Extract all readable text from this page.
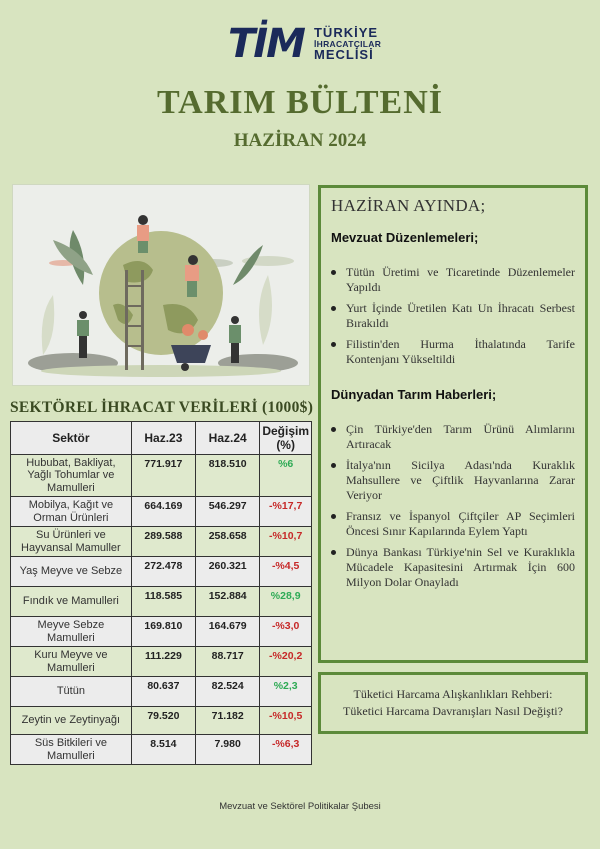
TİM TÜRKİYE
İHRACATÇILAR
MECLİSİ
TARIM BÜLTENİ
HAZİRAN 2024
SEKTÖREL İHRACAT VERİLERİ (1000$)
Sektör	Haz.23	Haz.24	Değişim (%)
Hububat, Bakliyat, Yağlı Tohumlar ve Mamulleri	771.917	818.510	%6
Mobilya, Kağıt ve Orman Ürünleri	664.169	546.297	-%17,7
Su Ürünleri ve Hayvansal Mamuller	289.588	258.658	-%10,7
Yaş Meyve ve Sebze	272.478	260.321	-%4,5
Fındık ve Mamulleri	118.585	152.884	%28,9
Meyve Sebze Mamulleri	169.810	164.679	-%3,0
Kuru Meyve ve Mamulleri	111.229	88.717	-%20,2
Tütün	80.637	82.524	%2,3
Zeytin ve Zeytinyağı	79.520	71.182	-%10,5
Süs Bitkileri ve Mamulleri	8.514	7.980	-%6,3
HAZİRAN AYINDA;
Mevzuat Düzenlemeleri;
Tütün Üretimi ve Ticaretinde Düzenlemeler Yapıldı
Yurt İçinde Üretilen Katı Un İhracatı Serbest Bırakıldı
Filistin'den Hurma İthalatında Tarife Kontenjanı Yükseltildi
Dünyadan Tarım Haberleri;
Çin Türkiye'den Tarım Ürünü Alımlarını Artıracak
İtalya'nın Sicilya Adası'nda Kuraklık Mahsullere ve Çiftlik Hayvanlarına Zarar Veriyor
Fransız ve İspanyol Çiftçiler AP Seçimleri Öncesi Sınır Kapılarında Eylem Yaptı
Dünya Bankası Türkiye'nin Sel ve Kuraklıkla Mücadele Kapasitesini Artırmak İçin 600 Milyon Dolar Onayladı
Tüketici Harcama Alışkanlıkları Rehberi:
Tüketici Harcama Davranışları Nasıl Değişti?
Mevzuat ve Sektörel Politikalar Şubesi
